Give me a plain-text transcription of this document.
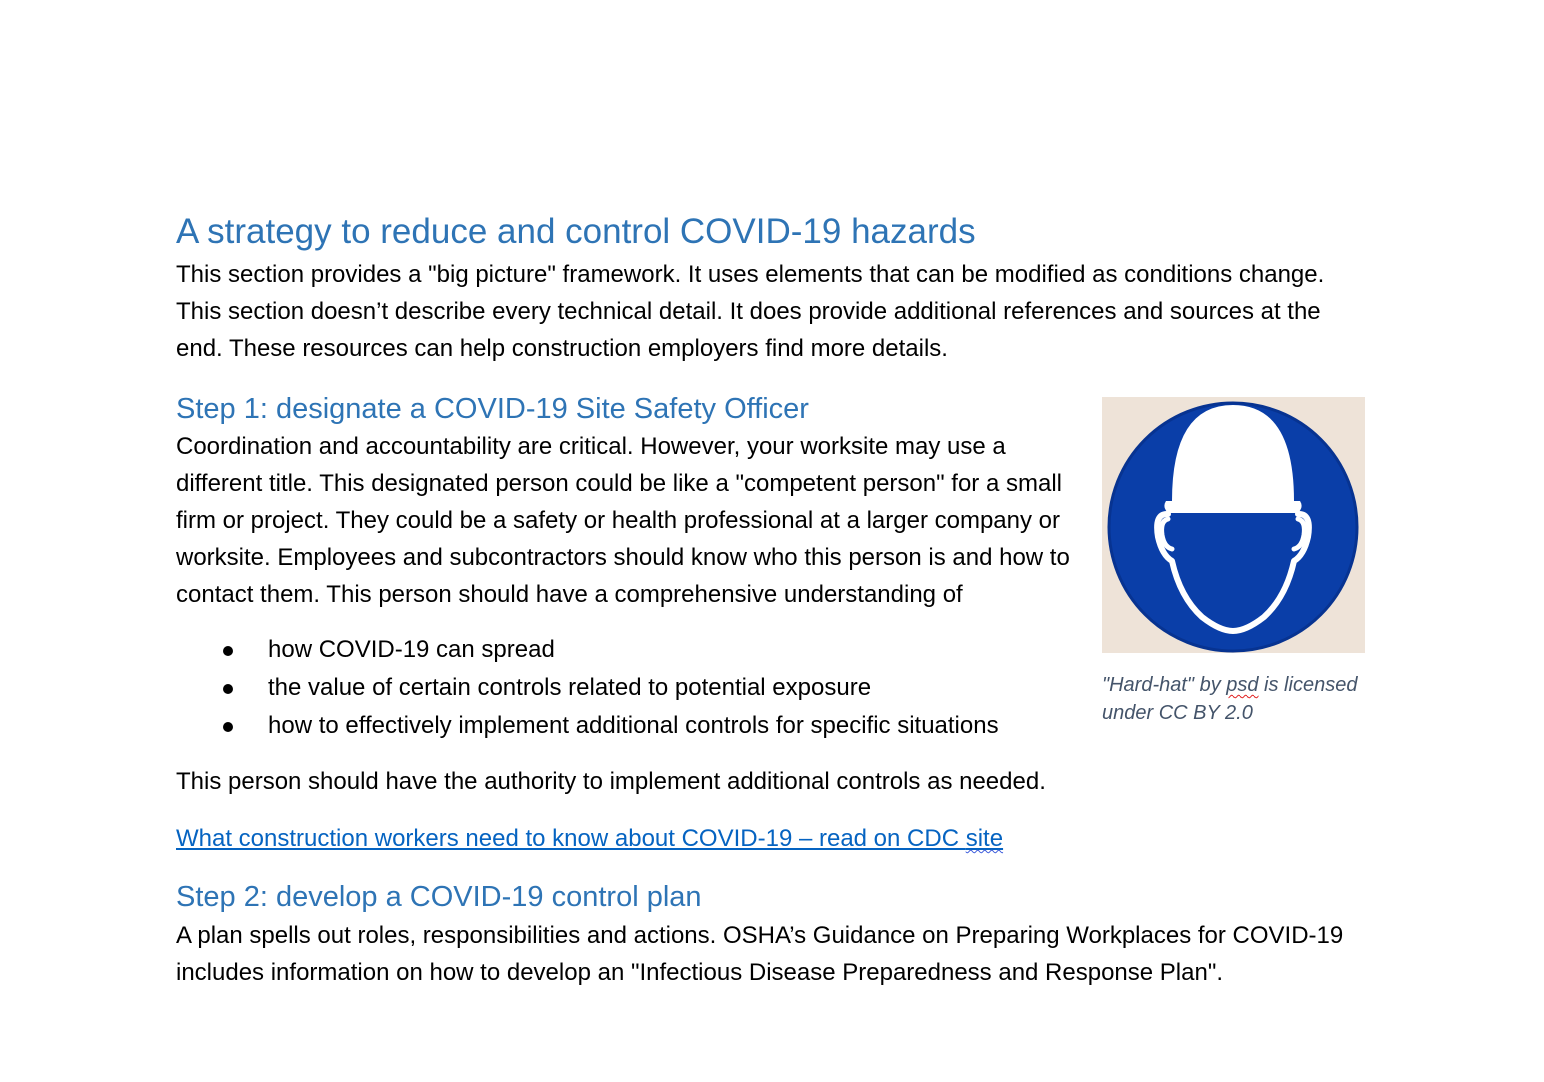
A strategy to reduce and control COVID-19 hazards

This section provides a "big picture" framework. It uses elements that can be modified as conditions change. This section doesn’t describe every technical detail. It does provide additional references and sources at the end. These resources can help construction employers find more details.

Step 1: designate a COVID-19 Site Safety Officer

Coordination and accountability are critical. However, your worksite may use a different title. This designated person could be like a "competent person" for a small firm or project. They could be a safety or health professional at a larger company or worksite. Employees and subcontractors should know who this person is and how to contact them. This person should have a comprehensive understanding of

how COVID-19 can spread
the value of certain controls related to potential exposure
how to effectively implement additional controls for specific situations

This person should have the authority to implement additional controls as needed.

What construction workers need to know about COVID-19 – read on CDC site
Step 2: develop a COVID-19 control plan

A plan spells out roles, responsibilities and actions. OSHA’s Guidance on Preparing Workplaces for COVID-19 includes information on how to develop an "Infectious Disease Preparedness and Response Plan".

"Hard-hat" by psd is licensed under CC BY 2.0
